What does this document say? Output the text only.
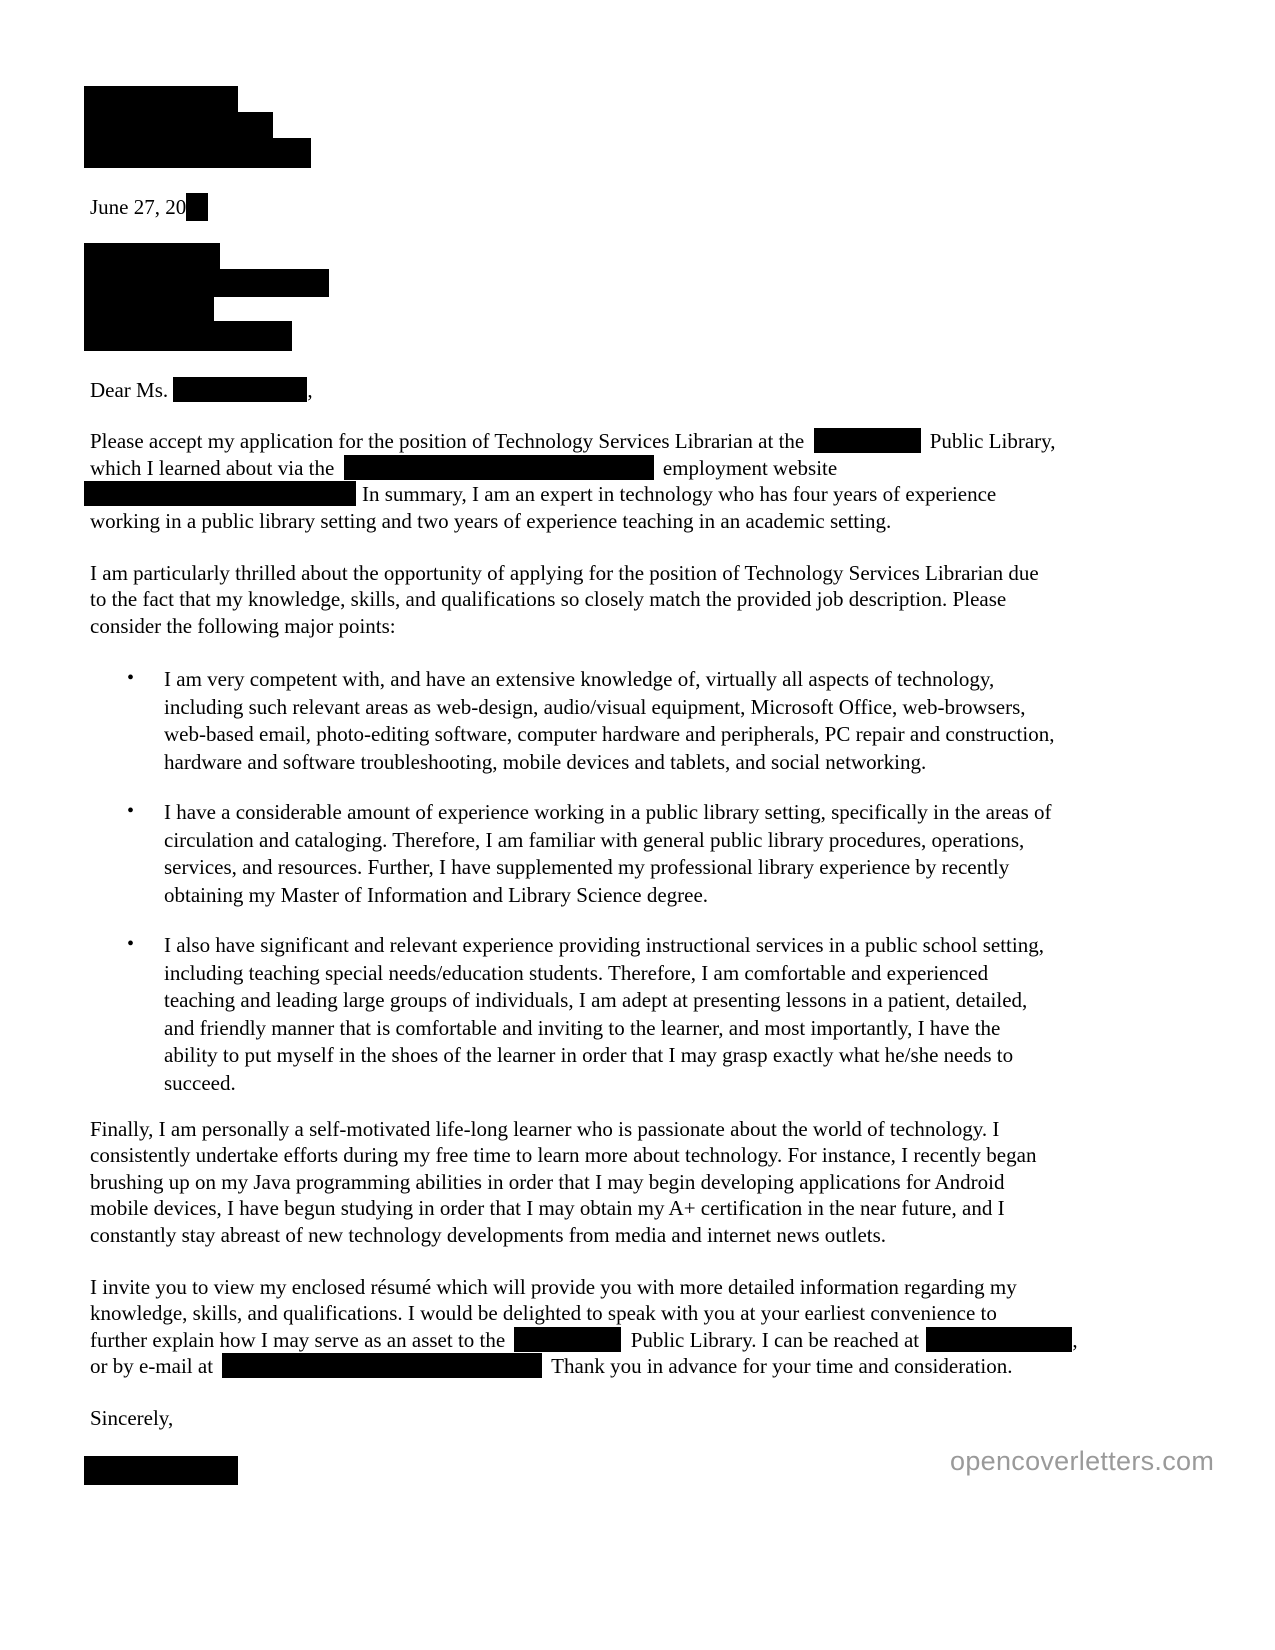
June 27, 20
Dear Ms.	,
Please accept my application for the position of Technology Services Librarian at the	Public Library,
which I learned about via the	employment website
In summary, I am an expert in technology who has four years of experience
working in a public library setting and two years of experience teaching in an academic setting.
I am particularly thrilled about the opportunity of applying for the position of Technology Services Librarian due
to the fact that my knowledge, skills, and qualifications so closely match the provided job description. Please
consider the following major points:
• I am very competent with, and have an extensive knowledge of, virtually all aspects of technology,
including such relevant areas as web-design, audio/visual equipment, Microsoft Office, web-browsers,
web-based email, photo-editing software, computer hardware and peripherals, PC repair and construction,
hardware and software troubleshooting, mobile devices and tablets, and social networking.
• I have a considerable amount of experience working in a public library setting, specifically in the areas of
circulation and cataloging. Therefore, I am familiar with general public library procedures, operations,
services, and resources. Further, I have supplemented my professional library experience by recently
obtaining my Master of Information and Library Science degree.
• I also have significant and relevant experience providing instructional services in a public school setting,
including teaching special needs/education students. Therefore, I am comfortable and experienced
teaching and leading large groups of individuals, I am adept at presenting lessons in a patient, detailed,
and friendly manner that is comfortable and inviting to the learner, and most importantly, I have the
ability to put myself in the shoes of the learner in order that I may grasp exactly what he/she needs to
succeed.
Finally, I am personally a self-motivated life-long learner who is passionate about the world of technology. I
consistently undertake efforts during my free time to learn more about technology. For instance, I recently began
brushing up on my Java programming abilities in order that I may begin developing applications for Android
mobile devices, I have begun studying in order that I may obtain my A+ certification in the near future, and I
constantly stay abreast of new technology developments from media and internet news outlets.
I invite you to view my enclosed résumé which will provide you with more detailed information regarding my
knowledge, skills, and qualifications. I would be delighted to speak with you at your earliest convenience to
further explain how I may serve as an asset to the	Public Library. I can be reached at	,
or by e-mail at	Thank you in advance for your time and consideration.
Sincerely,
opencoverletters.com
